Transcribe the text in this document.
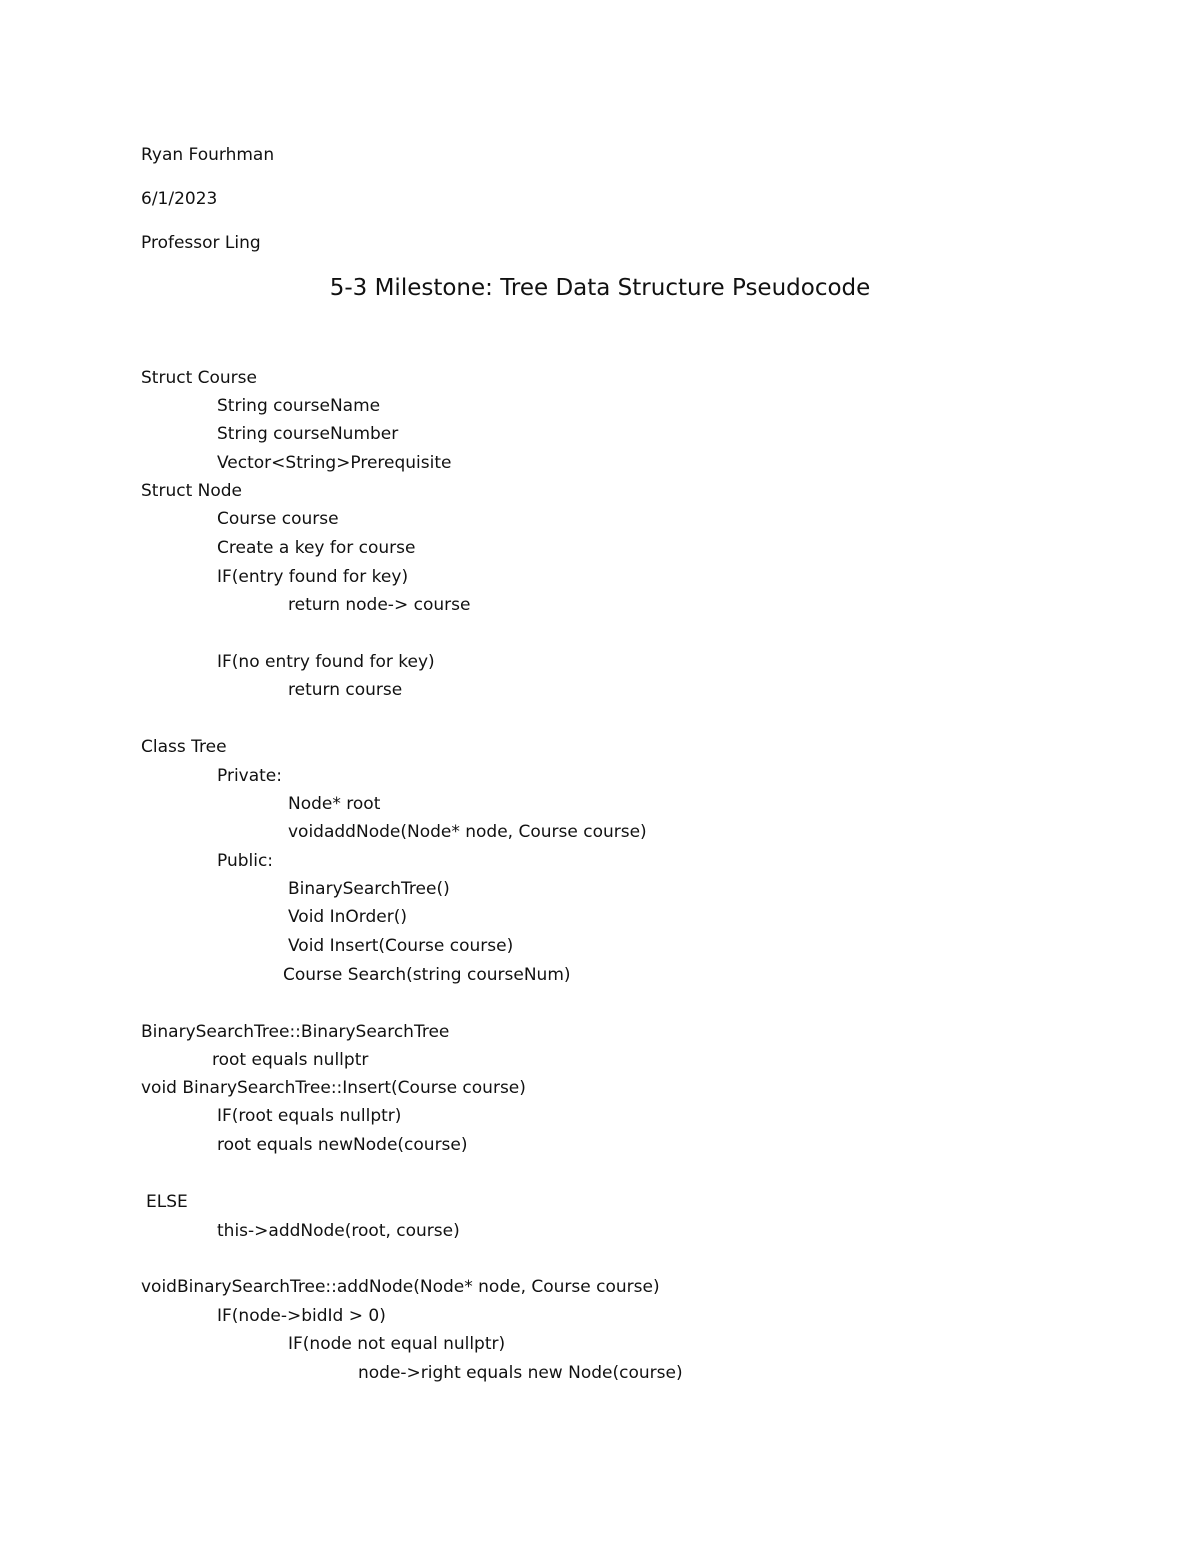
Ryan Fourhman
6/1/2023
Professor Ling
5-3 Milestone: Tree Data Structure Pseudocode
Struct Course
String courseName
String courseNumber
Vector<String>Prerequisite
Struct Node
Course course
Create a key for course
IF(entry found for key)
return node-> course
IF(no entry found for key)
return course
Class Tree
Private:
Node* root
voidaddNode(Node* node, Course course)
Public:
BinarySearchTree()
Void InOrder()
Void Insert(Course course)
Course Search(string courseNum)
BinarySearchTree::BinarySearchTree
root equals nullptr
void BinarySearchTree::Insert(Course course)
IF(root equals nullptr)
root equals newNode(course)
ELSE
this->addNode(root, course)
voidBinarySearchTree::addNode(Node* node, Course course)
IF(node->bidId > 0)
IF(node not equal nullptr)
node->right equals new Node(course)
